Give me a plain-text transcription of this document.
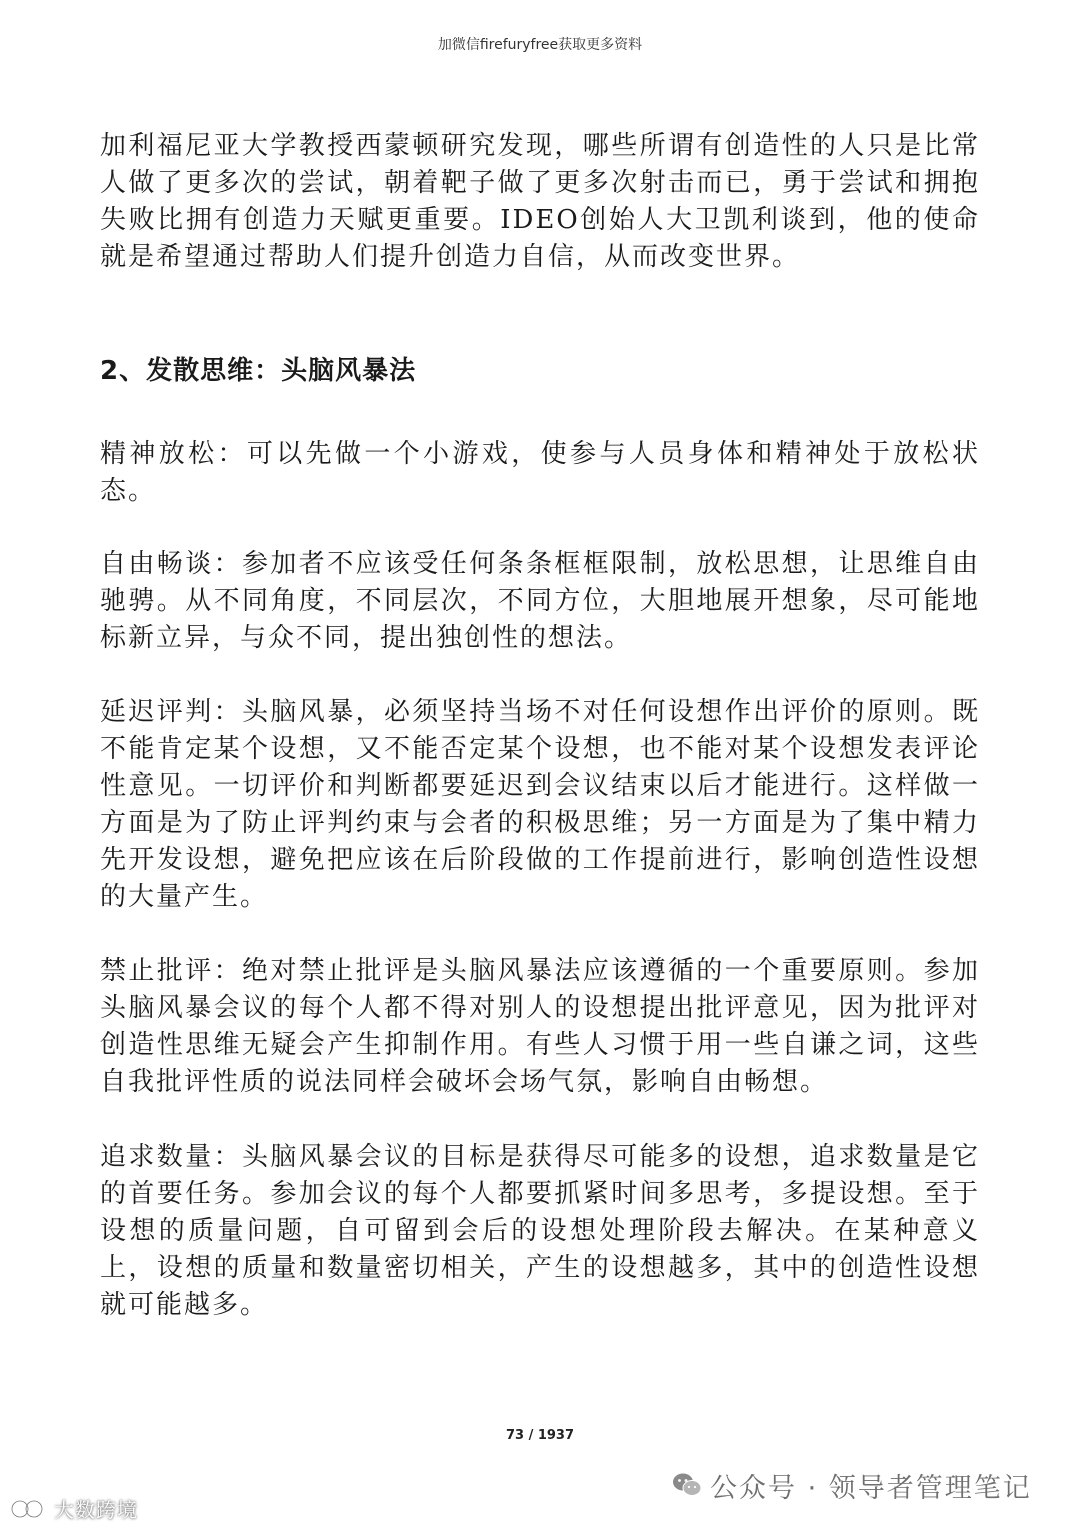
加微信firefuryfree获取更多资料

加利福尼亚大学教授西蒙顿研究发现，哪些所谓有创造性的人只是比常人做了更多次的尝试，朝着靶子做了更多次射击而已，勇于尝试和拥抱失败比拥有创造力天赋更重要。IDEO创始人大卫凯利谈到，他的使命就是希望通过帮助人们提升创造力自信，从而改变世界。

2、发散思维：头脑风暴法

精神放松：可以先做一个小游戏，使参与人员身体和精神处于放松状态。

自由畅谈：参加者不应该受任何条条框框限制，放松思想，让思维自由驰骋。从不同角度，不同层次，不同方位，大胆地展开想象，尽可能地标新立异，与众不同，提出独创性的想法。

延迟评判：头脑风暴，必须坚持当场不对任何设想作出评价的原则。既不能肯定某个设想，又不能否定某个设想，也不能对某个设想发表评论性意见。一切评价和判断都要延迟到会议结束以后才能进行。这样做一方面是为了防止评判约束与会者的积极思维；另一方面是为了集中精力先开发设想，避免把应该在后阶段做的工作提前进行，影响创造性设想的大量产生。

禁止批评：绝对禁止批评是头脑风暴法应该遵循的一个重要原则。参加头脑风暴会议的每个人都不得对别人的设想提出批评意见，因为批评对创造性思维无疑会产生抑制作用。有些人习惯于用一些自谦之词，这些自我批评性质的说法同样会破坏会场气氛，影响自由畅想。

追求数量：头脑风暴会议的目标是获得尽可能多的设想，追求数量是它的首要任务。参加会议的每个人都要抓紧时间多思考，多提设想。至于设想的质量问题，自可留到会后的设想处理阶段去解决。在某种意义上，设想的质量和数量密切相关，产生的设想越多，其中的创造性设想就可能越多。

73 / 1937
公众号 · 领导者管理笔记
大数跨境
